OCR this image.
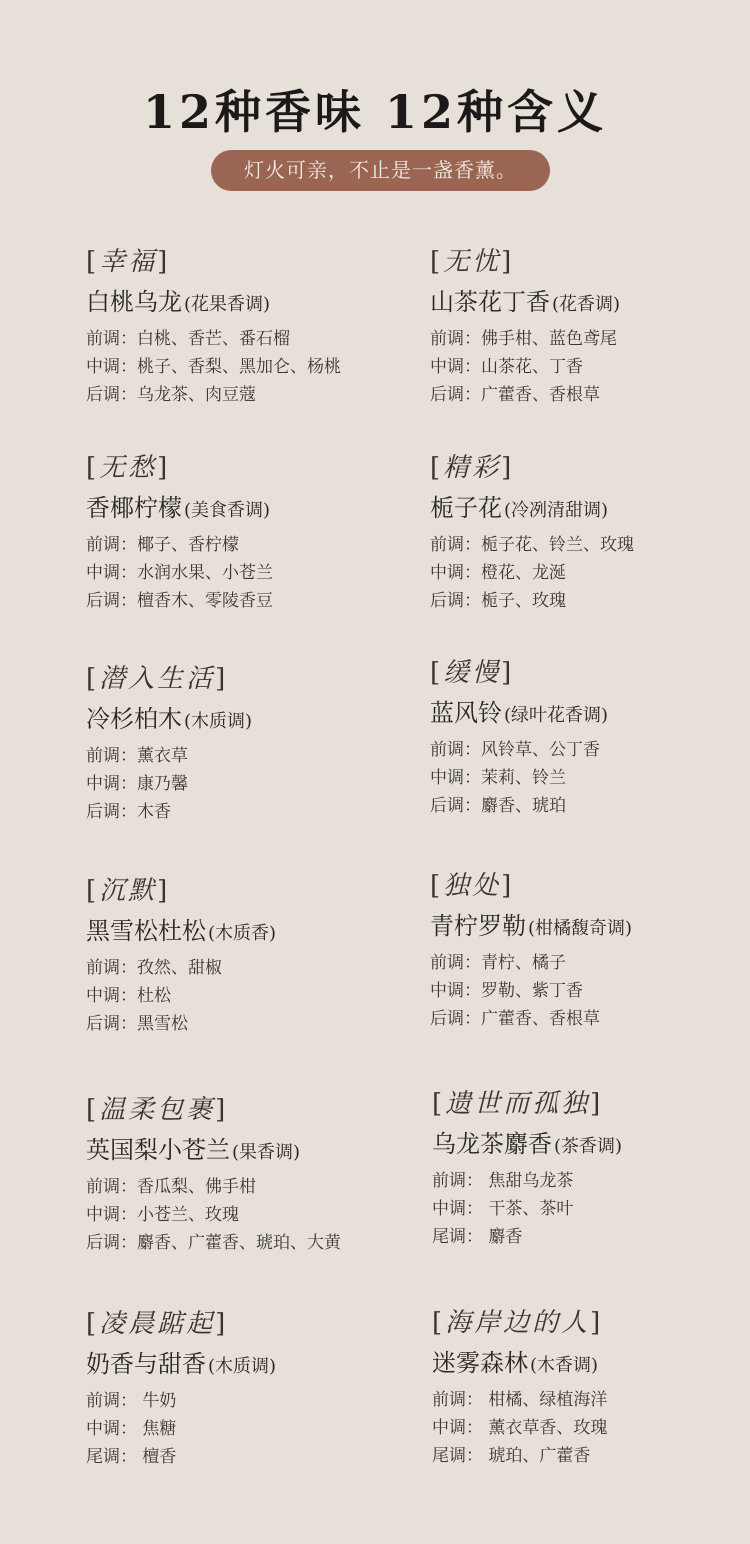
12种香味 12种含义
灯火可亲，不止是一盏香薰。
[幸福]
白桃乌龙 (花果香调)
前调：白桃、香芒、番石榴
中调：桃子、香梨、黑加仑、杨桃
后调：乌龙茶、肉豆蔻
[无忧]
山茶花丁香 (花香调)
前调：佛手柑、蓝色鸢尾
中调：山茶花、丁香
后调：广藿香、香根草
[无愁]
香椰柠檬 (美食香调)
前调：椰子、香柠檬
中调：水润水果、小苍兰
后调：檀香木、零陵香豆
[精彩]
栀子花 (冷冽清甜调)
前调：栀子花、铃兰、玫瑰
中调：橙花、龙涎
后调：栀子、玫瑰
[潜入生活]
冷杉柏木 (木质调)
前调：薰衣草
中调：康乃馨
后调：木香
[缓慢]
蓝风铃 (绿叶花香调)
前调：风铃草、公丁香
中调：茉莉、铃兰
后调：麝香、琥珀
[沉默]
黑雪松杜松 (木质香)
前调：孜然、甜椒
中调：杜松
后调：黑雪松
[独处]
青柠罗勒 (柑橘馥奇调)
前调：青柠、橘子
中调：罗勒、紫丁香
后调：广藿香、香根草
[温柔包裹]
英国梨小苍兰 (果香调)
前调：香瓜梨、佛手柑
中调：小苍兰、玫瑰
后调：麝香、广藿香、琥珀、大黄
[遗世而孤独]
乌龙茶麝香 (茶香调)
前调： 焦甜乌龙茶
中调： 干茶、茶叶
尾调： 麝香
[凌晨踮起]
奶香与甜香 (木质调)
前调： 牛奶
中调： 焦糖
尾调： 檀香
[海岸边的人]
迷雾森林 (木香调)
前调： 柑橘、绿植海洋
中调： 薰衣草香、玫瑰
尾调： 琥珀、广藿香
